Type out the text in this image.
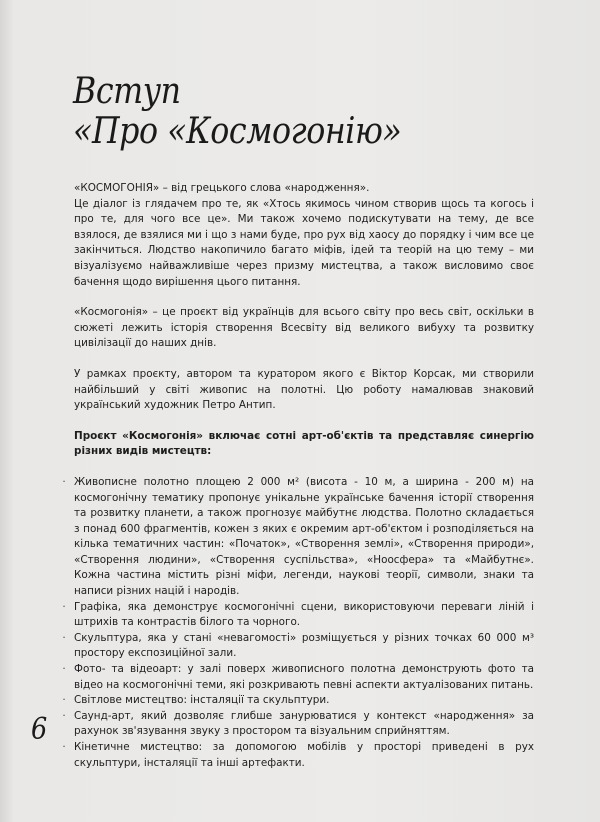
Вступ
«Про «Космогонію»

«КОСМОГОНІЯ» – від грецького слова «народження».

Це діалог із глядачем про те, як «Хтось якимось чином створив щось та когось і про те, для чого все це». Ми також хочемо подискутувати на тему, де все взялося, де взялися ми і що з нами буде, про рух від хаосу до порядку і чим все це закінчиться. Людство накопичило багато міфів, ідей та теорій на цю тему – ми візуалізуємо найважливіше через призму мистецтва, а також висловимо своє бачення щодо вирішення цього питання.

«Космогонія» – це проєкт від українців для всього світу про весь світ, оскільки в сюжеті лежить історія створення Всесвіту від великого вибуху та розвитку цивілізації до наших днів.

У рамках проєкту, автором та куратором якого є Віктор Корсак, ми створили найбільший у світі живопис на полотні. Цю роботу намалював знаковий український художник Петро Антип.

Проєкт «Космогонія» включає сотні арт-об'єктів та представляє синергію різних видів мистецтв:

· Живописне полотно площею 2 000 м² (висота - 10 м, а ширина - 200 м) на космогонічну тематику пропонує унікальне українське бачення історії створення та розвитку планети, а також прогнозує майбутнє людства. Полотно складається з понад 600 фрагментів, кожен з яких є окремим арт-об'єктом і розподіляється на кілька тематичних частин: «Початок», «Створення землі», «Створення природи», «Створення людини», «Створення суспільства», «Ноосфера» та «Майбутнє». Кожна частина містить різні міфи, легенди, наукові теорії, символи, знаки та написи різних націй і народів.
· Графіка, яка демонструє космогонічні сцени, використовуючи переваги ліній і штрихів та контрастів білого та чорного.
· Скульптура, яка у стані «невагомості» розміщується у різних точках 60 000 м³ простору експозиційної зали.
· Фото- та відеоарт: у залі поверх живописного полотна демонструють фото та відео на космогонічні теми, які розкривають певні аспекти актуалізованих питань.
· Світлове мистецтво: інсталяції та скульптури.
· Саунд-арт, який дозволяє глибше занурюватися у контекст «народження» за рахунок зв'язування звуку з простором та візуальним сприйняттям.
· Кінетичне мистецтво: за допомогою мобілів у просторі приведені в рух скульптури, інсталяції та інші артефакти.
6
